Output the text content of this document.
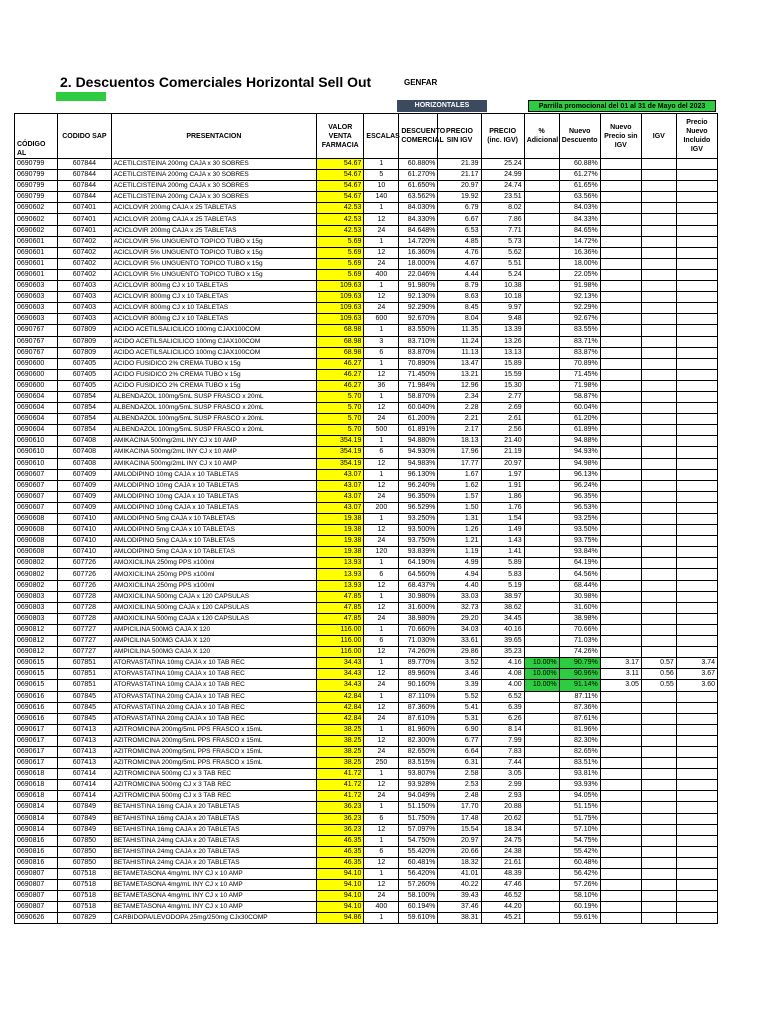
2. Descuentos Comerciales Horizontal Sell Out	GENFAR
HORIZONTALES	Parrilla promocional del 01 al 31 de Mayo del 2023
CÓDIGO AL	CODIDO SAP	PRESENTACION	VALOR VENTA FARMACIA	ESCALAS	DESCUENTO COMERCIAL	PRECIO SIN IGV	PRECIO (inc. IGV)	% Adicional	Nuevo Descuento	Nuevo Precio sin IGV	IGV	Precio Nuevo Incluido IGV
0690799	607844	ACETILCISTEINA 200mg CAJA x 30 SOBRES	54.67	1	60.880%	21.39	25.24		60.88%			
0690799	607844	ACETILCISTEINA 200mg CAJA x 30 SOBRES	54.67	5	61.270%	21.17	24.99		61.27%			
0690799	607844	ACETILCISTEINA 200mg CAJA x 30 SOBRES	54.67	10	61.650%	20.97	24.74		61.65%			
0690799	607844	ACETILCISTEINA 200mg CAJA x 30 SOBRES	54.67	140	63.562%	19.92	23.51		63.56%			
0690602	607401	ACICLOVIR 200mg CAJA x 25 TABLETAS	42.53	1	84.030%	6.79	8.02		84.03%			
0690602	607401	ACICLOVIR 200mg CAJA x 25 TABLETAS	42.53	12	84.330%	6.67	7.86		84.33%			
0690602	607401	ACICLOVIR 200mg CAJA x 25 TABLETAS	42.53	24	84.648%	6.53	7.71		84.65%			
0690601	607402	ACICLOVIR 5% UNGUENTO TOPICO TUBO x 15g	5.69	1	14.720%	4.85	5.73		14.72%			
0690601	607402	ACICLOVIR 5% UNGUENTO TOPICO TUBO x 15g	5.69	12	16.360%	4.76	5.62		16.36%			
0690601	607402	ACICLOVIR 5% UNGUENTO TOPICO TUBO x 15g	5.69	24	18.000%	4.67	5.51		18.00%			
0690601	607402	ACICLOVIR 5% UNGUENTO TOPICO TUBO x 15g	5.69	400	22.046%	4.44	5.24		22.05%			
0690603	607403	ACICLOVIR 800mg CJ x 10 TABLETAS	109.63	1	91.980%	8.79	10.38		91.98%			
0690603	607403	ACICLOVIR 800mg CJ x 10 TABLETAS	109.63	12	92.130%	8.63	10.18		92.13%			
0690603	607403	ACICLOVIR 800mg CJ x 10 TABLETAS	109.63	24	92.290%	8.45	9.97		92.29%			
0690603	607403	ACICLOVIR 800mg CJ x 10 TABLETAS	109.63	600	92.670%	8.04	9.48		92.67%			
0690767	607809	ACIDO ACETILSALICILICO 100mg CJAX100COM	68.98	1	83.550%	11.35	13.39		83.55%			
0690767	607809	ACIDO ACETILSALICILICO 100mg CJAX100COM	68.98	3	83.710%	11.24	13.26		83.71%			
0690767	607809	ACIDO ACETILSALICILICO 100mg CJAX100COM	68.98	6	83.870%	11.13	13.13		83.87%			
0690600	607405	ACIDO FUSIDICO 2% CREMA TUBO x 15g	46.27	1	70.890%	13.47	15.89		70.89%			
0690600	607405	ACIDO FUSIDICO 2% CREMA TUBO x 15g	46.27	12	71.450%	13.21	15.59		71.45%			
0690600	607405	ACIDO FUSIDICO 2% CREMA TUBO x 15g	46.27	36	71.984%	12.96	15.30		71.98%			
0690604	607854	ALBENDAZOL 100mg/5mL SUSP FRASCO x 20mL	5.70	1	58.870%	2.34	2.77		58.87%			
0690604	607854	ALBENDAZOL 100mg/5mL SUSP FRASCO x 20mL	5.70	12	60.040%	2.28	2.69		60.04%			
0690604	607854	ALBENDAZOL 100mg/5mL SUSP FRASCO x 20mL	5.70	24	61.200%	2.21	2.61		61.20%			
0690604	607854	ALBENDAZOL 100mg/5mL SUSP FRASCO x 20mL	5.70	500	61.891%	2.17	2.56		61.89%			
0690610	607408	AMIKACINA 500mg/2mL INY CJ x 10 AMP	354.19	1	94.880%	18.13	21.40		94.88%			
0690610	607408	AMIKACINA 500mg/2mL INY CJ x 10 AMP	354.19	6	94.930%	17.96	21.19		94.93%			
0690610	607408	AMIKACINA 500mg/2mL INY CJ x 10 AMP	354.19	12	94.983%	17.77	20.97		94.98%			
0690607	607409	AMLODIPINO 10mg CAJA x 10 TABLETAS	43.07	1	96.130%	1.67	1.97		96.13%			
0690607	607409	AMLODIPINO 10mg CAJA x 10 TABLETAS	43.07	12	96.240%	1.62	1.91		96.24%			
0690607	607409	AMLODIPINO 10mg CAJA x 10 TABLETAS	43.07	24	96.350%	1.57	1.86		96.35%			
0690607	607409	AMLODIPINO 10mg CAJA x 10 TABLETAS	43.07	200	96.529%	1.50	1.76		96.53%			
0690608	607410	AMLODIPINO 5mg CAJA x 10 TABLETAS	19.38	1	93.250%	1.31	1.54		93.25%			
0690608	607410	AMLODIPINO 5mg CAJA x 10 TABLETAS	19.38	12	93.500%	1.26	1.49		93.50%			
0690608	607410	AMLODIPINO 5mg CAJA x 10 TABLETAS	19.38	24	93.750%	1.21	1.43		93.75%			
0690608	607410	AMLODIPINO 5mg CAJA x 10 TABLETAS	19.38	120	93.839%	1.19	1.41		93.84%			
0690802	607726	AMOXICILINA 250mg PPS x100ml	13.93	1	64.190%	4.99	5.89		64.19%			
0690802	607726	AMOXICILINA 250mg PPS x100ml	13.93	6	64.560%	4.94	5.83		64.56%			
0690802	607726	AMOXICILINA 250mg PPS x100ml	13.93	12	68.437%	4.40	5.19		68.44%			
0690803	607728	AMOXICILINA 500mg CAJA x 120 CAPSULAS	47.85	1	30.980%	33.03	38.97		30.98%			
0690803	607728	AMOXICILINA 500mg CAJA x 120 CAPSULAS	47.85	12	31.600%	32.73	38.62		31.60%			
0690803	607728	AMOXICILINA 500mg CAJA x 120 CAPSULAS	47.85	24	38.980%	29.20	34.45		38.98%			
0690812	607727	AMPICILINA 500MG CAJA X 120	116.00	1	70.660%	34.03	40.16		70.66%			
0690812	607727	AMPICILINA 500MG CAJA X 120	116.00	6	71.030%	33.61	39.65		71.03%			
0690812	607727	AMPICILINA 500MG CAJA X 120	116.00	12	74.260%	29.86	35.23		74.26%			
0690615	607851	ATORVASTATINA 10mg CAJA x 10 TAB REC	34.43	1	89.770%	3.52	4.16	10.00%	90.79%	3.17	0.57	3.74
0690615	607851	ATORVASTATINA 10mg CAJA x 10 TAB REC	34.43	12	89.960%	3.46	4.08	10.00%	90.96%	3.11	0.56	3.67
0690615	607851	ATORVASTATINA 10mg CAJA x 10 TAB REC	34.43	24	90.160%	3.39	4.00	10.00%	91.14%	3.05	0.55	3.60
0690616	607845	ATORVASTATINA 20mg CAJA x 10 TAB REC	42.84	1	87.110%	5.52	6.52		87.11%			
0690616	607845	ATORVASTATINA 20mg CAJA x 10 TAB REC	42.84	12	87.360%	5.41	6.39		87.36%			
0690616	607845	ATORVASTATINA 20mg CAJA x 10 TAB REC	42.84	24	87.610%	5.31	6.26		87.61%			
0690617	607413	AZITROMICINA 200mg/5mL PPS FRASCO x 15mL	38.25	1	81.960%	6.90	8.14		81.96%			
0690617	607413	AZITROMICINA 200mg/5mL PPS FRASCO x 15mL	38.25	12	82.300%	6.77	7.99		82.30%			
0690617	607413	AZITROMICINA 200mg/5mL PPS FRASCO x 15mL	38.25	24	82.650%	6.64	7.83		82.65%			
0690617	607413	AZITROMICINA 200mg/5mL PPS FRASCO x 15mL	38.25	250	83.515%	6.31	7.44		83.51%			
0690618	607414	AZITROMICINA 500mg CJ x 3 TAB REC	41.72	1	93.807%	2.58	3.05		93.81%			
0690618	607414	AZITROMICINA 500mg CJ x 3 TAB REC	41.72	12	93.928%	2.53	2.99		93.93%			
0690618	607414	AZITROMICINA 500mg CJ x 3 TAB REC	41.72	24	94.049%	2.48	2.93		94.05%			
0690814	607849	BETAHISTINA 16mg CAJA x 20 TABLETAS	36.23	1	51.150%	17.70	20.88		51.15%			
0690814	607849	BETAHISTINA 16mg CAJA x 20 TABLETAS	36.23	6	51.750%	17.48	20.62		51.75%			
0690814	607849	BETAHISTINA 16mg CAJA x 20 TABLETAS	36.23	12	57.097%	15.54	18.34		57.10%			
0690816	607850	BETAHISTINA 24mg CAJA x 20 TABLETAS	46.35	1	54.750%	20.97	24.75		54.75%			
0690816	607850	BETAHISTINA 24mg CAJA x 20 TABLETAS	46.35	6	55.420%	20.66	24.38		55.42%			
0690816	607850	BETAHISTINA 24mg CAJA x 20 TABLETAS	46.35	12	60.481%	18.32	21.61		60.48%			
0690807	607518	BETAMETASONA 4mg/mL INY CJ x 10 AMP	94.10	1	56.420%	41.01	48.39		56.42%			
0690807	607518	BETAMETASONA 4mg/mL INY CJ x 10 AMP	94.10	12	57.260%	40.22	47.46		57.26%			
0690807	607518	BETAMETASONA 4mg/mL INY CJ x 10 AMP	94.10	24	58.100%	39.43	46.52		58.10%			
0690807	607518	BETAMETASONA 4mg/mL INY CJ x 10 AMP	94.10	400	60.194%	37.46	44.20		60.19%			
0690626	607829	CARBIDOPA/LEVODOPA 25mg/250mg CJx30COMP	94.86	1	59.610%	38.31	45.21		59.61%			
